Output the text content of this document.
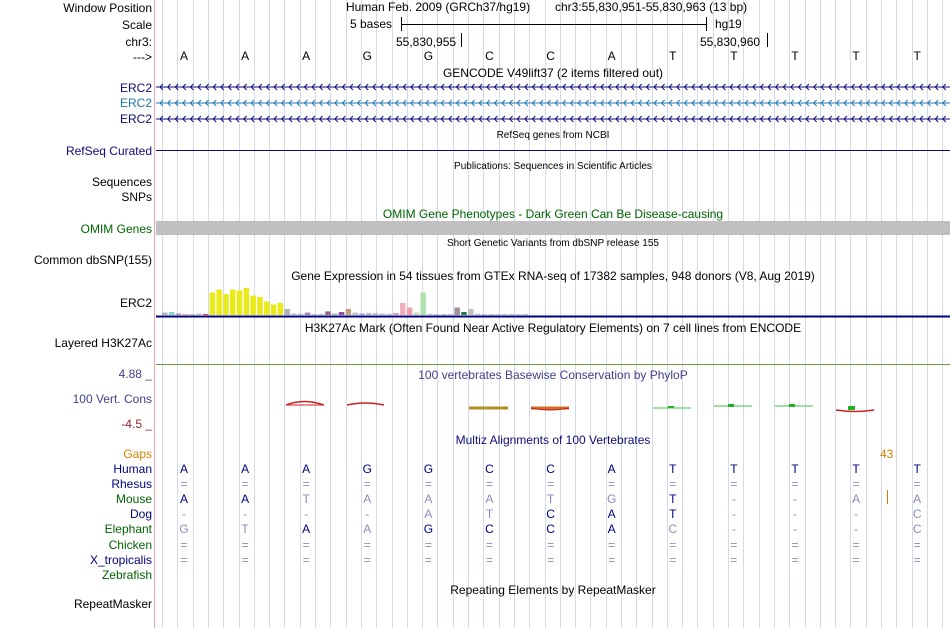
Window Position
Scale
chr3:
--->
Human Feb. 2009 (GRCh37/hg19) chr3:55,830,951-55,830,963 (13 bp)
5 bases	hg19
55,830,955	55,830,960
A	A	A	G	G	C	C	A	T	T	T	T	T
GENCODE V49lift37 (2 items filtered out)
ERC2
ERC2
ERC2
RefSeq genes from NCBI
RefSeq Curated
Publications: Sequences in Scientific Articles
Sequences
SNPs
OMIM Gene Phenotypes - Dark Green Can Be Disease-causing
OMIM Genes
Short Genetic Variants from dbSNP release 155
Common dbSNP(155)
Gene Expression in 54 tissues from GTEx RNA-seq of 17382 samples, 948 donors (V8, Aug 2019)
ERC2
H3K27Ac Mark (Often Found Near Active Regulatory Elements) on 7 cell lines from ENCODE
Layered H3K27Ac
4.88 _	100 vertebrates Basewise Conservation by PhyloP
100 Vert. Cons
-4.5 _
Multiz Alignments of 100 Vertebrates
Gaps	43
Human A	A	A	G	G	C	C	A	T	T	T	T	T
Rhesus =	=	=	=	=	=	=	=	=	=	=	=	=
Mouse A	A	T	A	A	A	T	G	T	-	-	A	A
Dog	-	-	-	-	A	T	C	A	T	-	-	-	C
Elephant G	T	A	A	G	C	C	A	C	-	-	-	C
Chicken =	=	=	=	=	=	=	=	=	=	=	=	=
X_tropicalis =	=	=	=	=	=	=	=	=	=	=	=	=
Zebrafish
Repeating Elements by RepeatMasker
RepeatMasker
